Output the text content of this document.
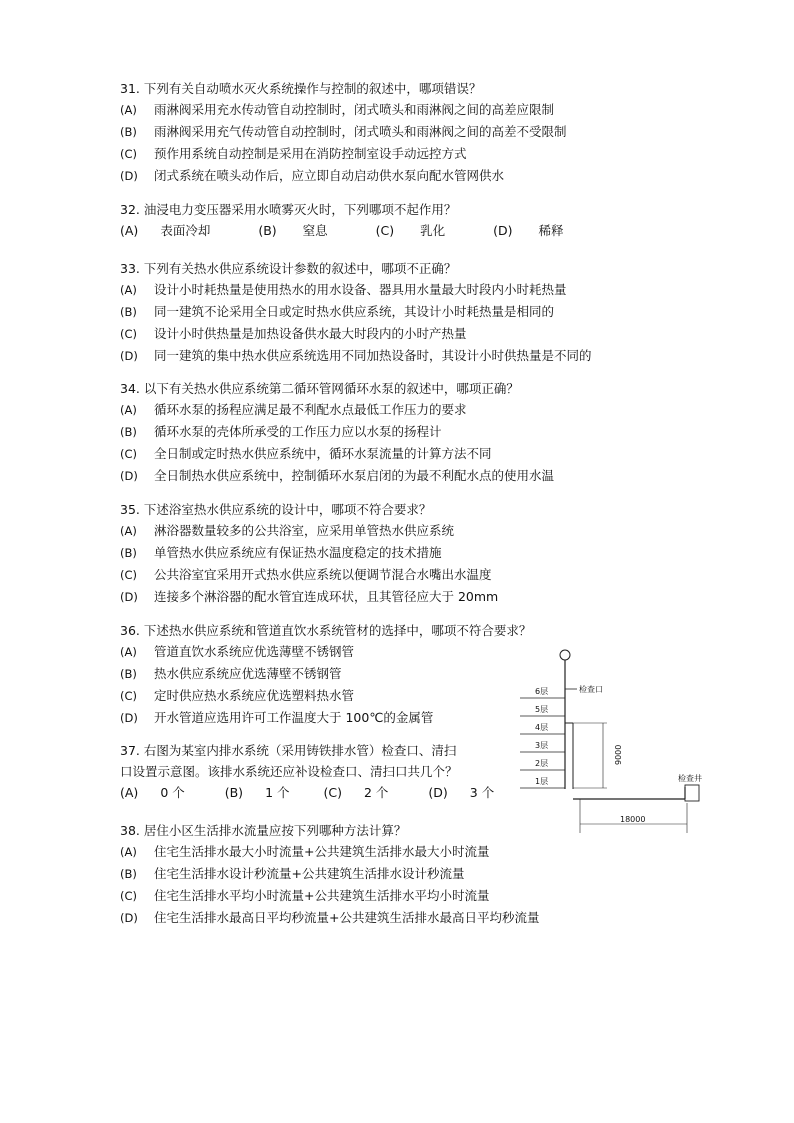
31. 下列有关自动喷水灭火系统操作与控制的叙述中，哪项错误？
(A) 雨淋阀采用充水传动管自动控制时，闭式喷头和雨淋阀之间的高差应限制
(B) 雨淋阀采用充气传动管自动控制时，闭式喷头和雨淋阀之间的高差不受限制
(C) 预作用系统自动控制是采用在消防控制室设手动远控方式
(D) 闭式系统在喷头动作后，应立即自动启动供水泵向配水管网供水
32. 油浸电力变压器采用水喷雾灭火时，下列哪项不起作用？
(A) 表面冷却	(B) 窒息	(C) 乳化	(D) 稀释
33. 下列有关热水供应系统设计参数的叙述中，哪项不正确？
(A) 设计小时耗热量是使用热水的用水设备、器具用水量最大时段内小时耗热量
(B) 同一建筑不论采用全日或定时热水供应系统，其设计小时耗热量是相同的
(C) 设计小时供热量是加热设备供水最大时段内的小时产热量
(D) 同一建筑的集中热水供应系统选用不同加热设备时，其设计小时供热量是不同的
34. 以下有关热水供应系统第二循环管网循环水泵的叙述中，哪项正确？
(A) 循环水泵的扬程应满足最不利配水点最低工作压力的要求
(B) 循环水泵的壳体所承受的工作压力应以水泵的扬程计
(C) 全日制或定时热水供应系统中，循环水泵流量的计算方法不同
(D) 全日制热水供应系统中，控制循环水泵启闭的为最不利配水点的使用水温
35. 下述浴室热水供应系统的设计中，哪项不符合要求？
(A) 淋浴器数量较多的公共浴室，应采用单管热水供应系统
(B) 单管热水供应系统应有保证热水温度稳定的技术措施
(C) 公共浴室宜采用开式热水供应系统以便调节混合水嘴出水温度
(D) 连接多个淋浴器的配水管宜连成环状，且其管径应大于 20mm
36. 下述热水供应系统和管道直饮水系统管材的选择中，哪项不符合要求？
(A) 管道直饮水系统应优选薄壁不锈钢管
(B) 热水供应系统应优选薄壁不锈钢管
(C) 定时供应热水系统应优选塑料热水管
(D) 开水管道应选用许可工作温度大于 100℃的金属管
37. 右图为某室内排水系统（采用铸铁排水管）检查口、清扫
口设置示意图。该排水系统还应补设检查口、清扫口共几个？
(A) 0 个	(B) 1 个	(C) 2 个	(D) 3 个
38. 居住小区生活排水流量应按下列哪种方法计算？
(A) 住宅生活排水最大小时流量+公共建筑生活排水最大小时流量
(B) 住宅生活排水设计秒流量+公共建筑生活排水设计秒流量
(C) 住宅生活排水平均小时流量+公共建筑生活排水平均小时流量
(D) 住宅生活排水最高日平均秒流量+公共建筑生活排水最高日平均秒流量
6层
5层
4层
3层
2层
1层
检查口
9000
检查井
18000
